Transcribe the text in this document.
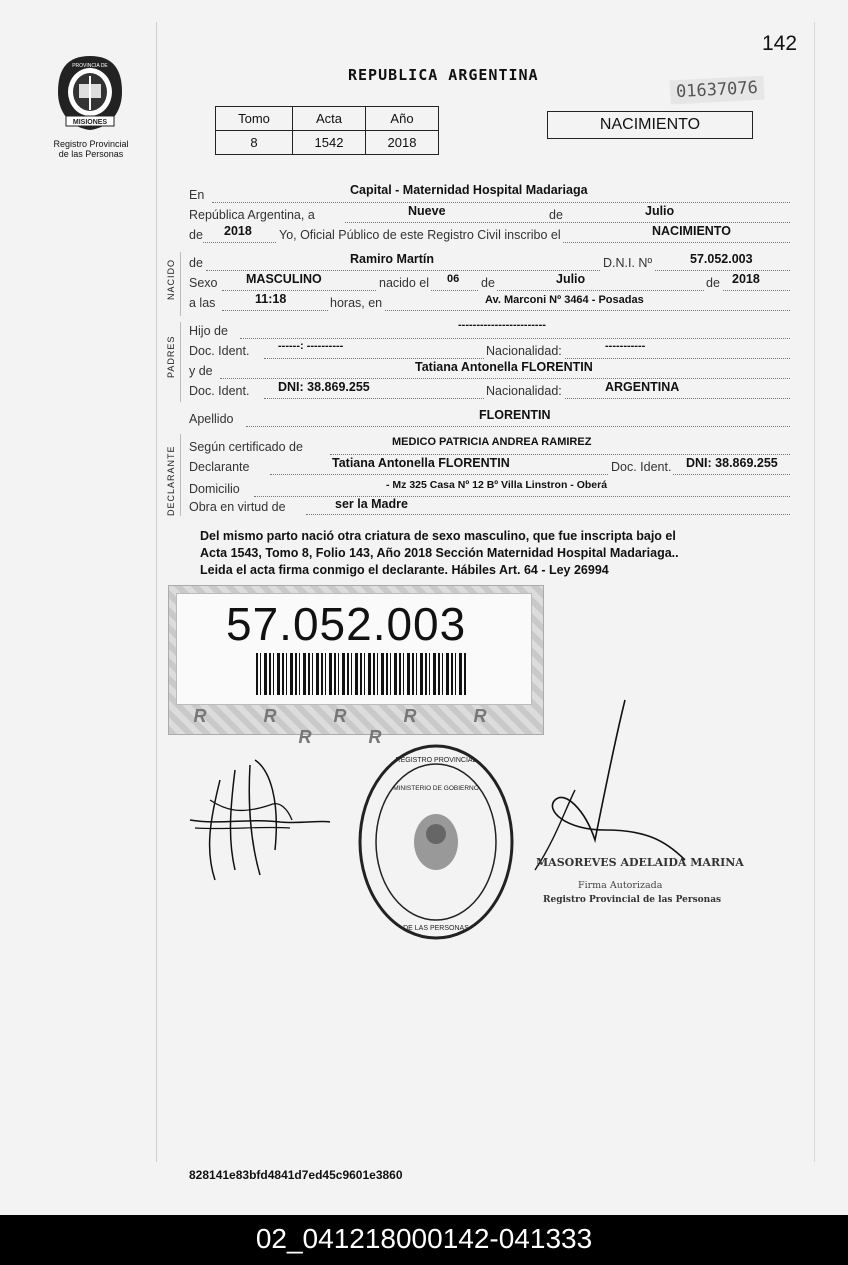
142
MISIONES
PROVINCIA DE
Registro Provincial
de las Personas
REPUBLICA ARGENTINA
01637076
Tomo	Acta	Año
8	1542	2018
NACIMIENTO
NACIDO
PADRES
DECLARANTE
En	Capital - Maternidad Hospital Madariaga
República Argentina, a	Nueve	de	Julio
de 2018 Yo, Oficial Público de este Registro Civil inscribo el	NACIMIENTO
de	Ramiro Martín	D.N.I. Nº	57.052.003
Sexo MASCULINO	nacido el 06 de	Julio	de 2018
a las	11:18	horas, en	Av. Marconi Nº 3464 - Posadas
Hijo de	------------------------
Doc. Ident.	------: ----------	Nacionalidad:	-----------
y de	Tatiana Antonella FLORENTIN
Doc. Ident. DNI: 38.869.255	Nacionalidad:	ARGENTINA
Apellido	FLORENTIN
Según certificado de	MEDICO PATRICIA ANDREA RAMIREZ
Declarante	Tatiana Antonella FLORENTIN	Doc. Ident. DNI: 38.869.255
Domicilio	- Mz 325 Casa Nº 12 Bº Villa Linstron - Oberá
Obra en virtud de	ser la Madre
Del mismo parto nació otra criatura de sexo masculino, que fue inscripta bajo el
Acta 1543, Tomo 8, Folio 143, Año 2018 Sección Maternidad Hospital Madariaga..
Leida el acta firma conmigo el declarante. Hábiles Art. 64 - Ley 26994
57.052.003
R R R R R R R
REGISTRO PROVINCIAL
DE LAS PERSONAS
MINISTERIO DE GOBIERNO
MASOREVES ADELAIDA MARINA
Firma Autorizada
Registro Provincial de las Personas
828141e83bfd4841d7ed45c9601e3860
02_041218000142-041333
